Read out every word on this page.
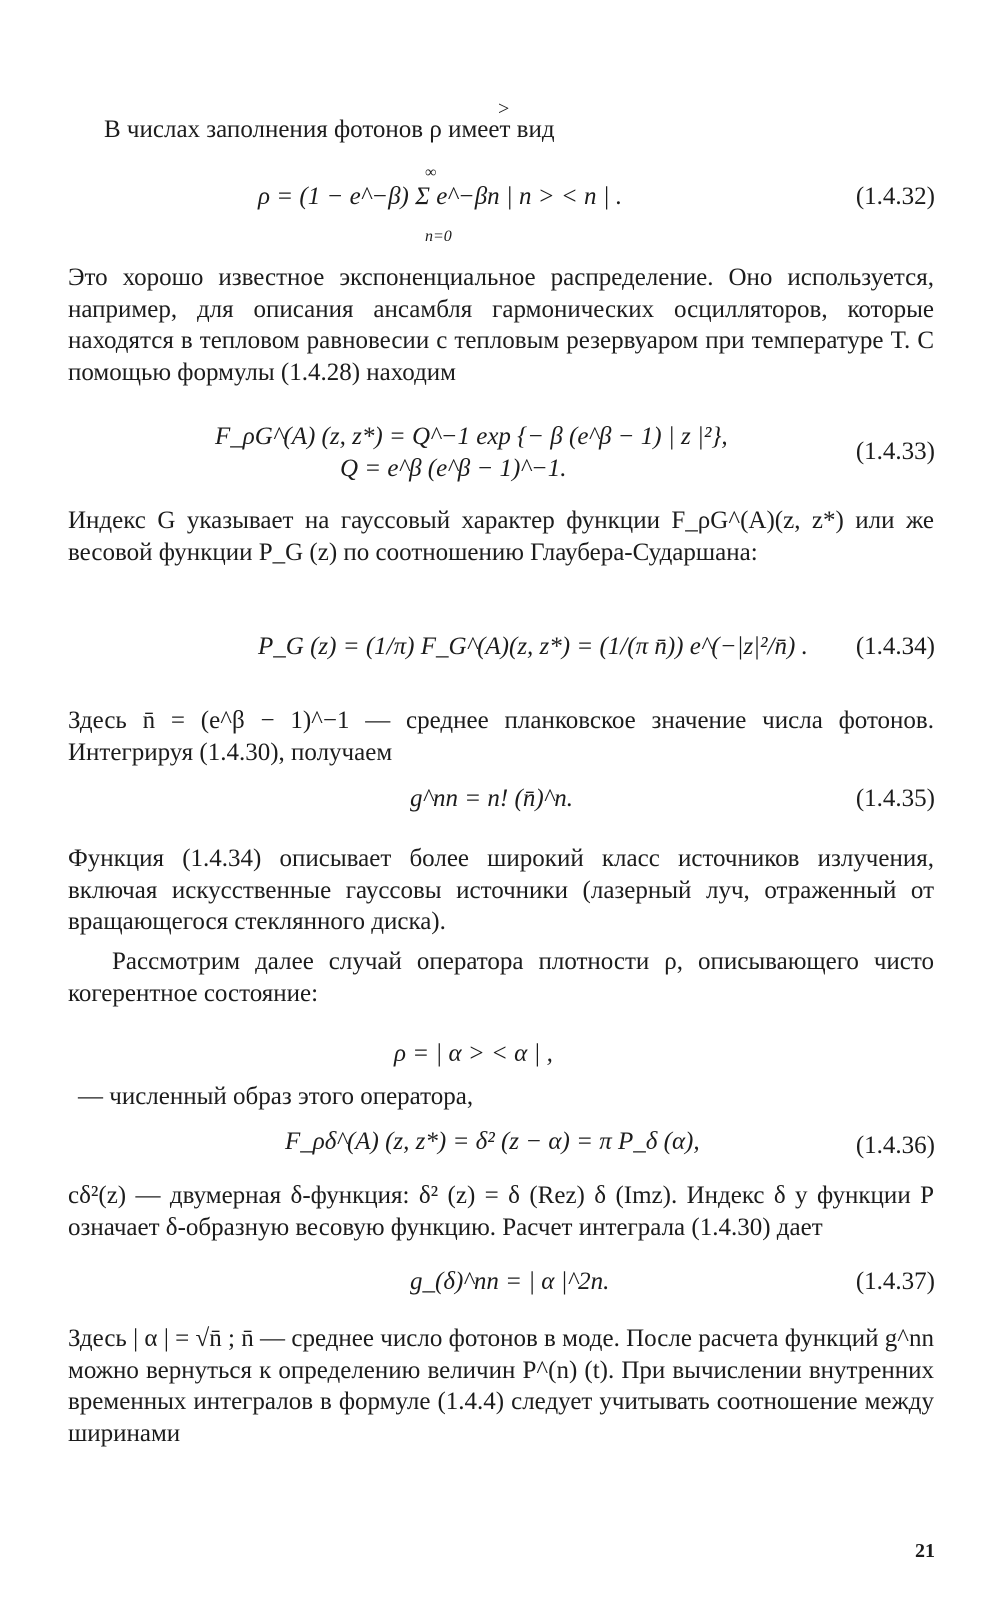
>
В числах заполнения фотонов ρ имеет вид
∞
ρ = (1 − e^−β) Σ e^−βn | n > < n | .
n=0
(1.4.32)
Это хорошо известное экспоненциальное распределение. Оно используется, например, для описания ансамбля гармонических осцилляторов, которые находятся в тепловом равновесии с тепловым резервуаром при температуре T. С помощью формулы (1.4.28) находим
F_ρG^(A) (z, z*) = Q^−1 exp {− β (e^β − 1) | z |²},
Q = e^β (e^β − 1)^−1.
(1.4.33)
Индекс G указывает на гауссовый характер функции F_ρG^(A)(z, z*) или же весовой функции P_G (z) по соотношению Глаубера-Сударшана:
P_G (z) = (1/π) F_G^(A)(z, z*) = (1/(π n̄)) e^(−|z|²/n̄) . (1.4.34)
Здесь n̄ = (e^β − 1)^−1 — среднее планковское значение числа фотонов. Интегрируя (1.4.30), получаем
g^nn = n! (n̄)^n.	(1.4.35)
Функция (1.4.34) описывает более широкий класс источников излучения, включая искусственные гауссовы источники (лазерный луч, отраженный от вращающегося стеклянного диска).
Рассмотрим далее случай оператора плотности ρ, описывающего чисто когерентное состояние:
ρ = | α > < α | ,
— численный образ этого оператора,
F_ρδ^(A) (z, z*) = δ² (z − α) = π P_δ (α),	(1.4.36)
cδ²(z) — двумерная δ-функция: δ² (z) = δ (Rez) δ (Imz). Индекс δ у функции P означает δ-образную весовую функцию. Расчет интеграла (1.4.30) дает
g_(δ)^nn = | α |^2n.	(1.4.37)
Здесь | α | = √n̄ ; n̄ — среднее число фотонов в моде. После расчета функций g^nn можно вернуться к определению величин P^(n) (t). При вычислении внутренних временных интегралов в формуле (1.4.4) следует учитывать соотношение между ширинами
21
